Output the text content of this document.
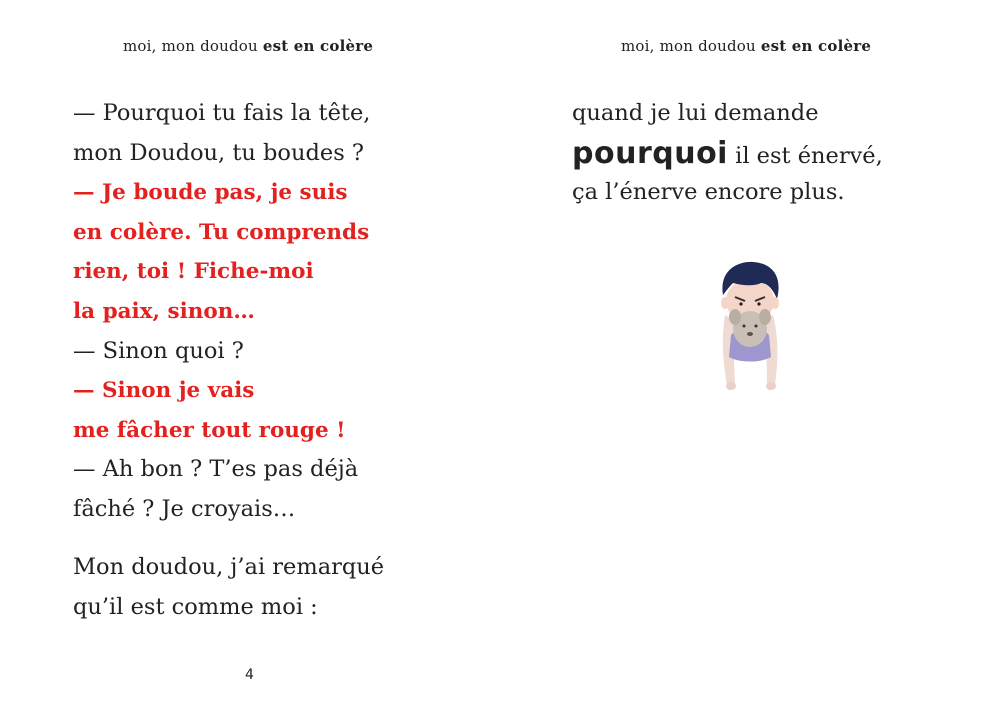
moi, mon doudou est en colère
— Pourquoi tu fais la tête,
mon Doudou, tu boudes ?
— Je boude pas, je suis
en colère. Tu comprends
rien, toi ! Fiche-moi
la paix, sinon…
— Sinon quoi ?
— Sinon je vais
me fâcher tout rouge !
— Ah bon ? T’es pas déjà
fâché ? Je croyais…
Mon doudou, j’ai remarqué
qu’il est comme moi :
4
moi, mon doudou est en colère
quand je lui demande
pourquoi il est énervé,
ça l’énerve encore plus.
